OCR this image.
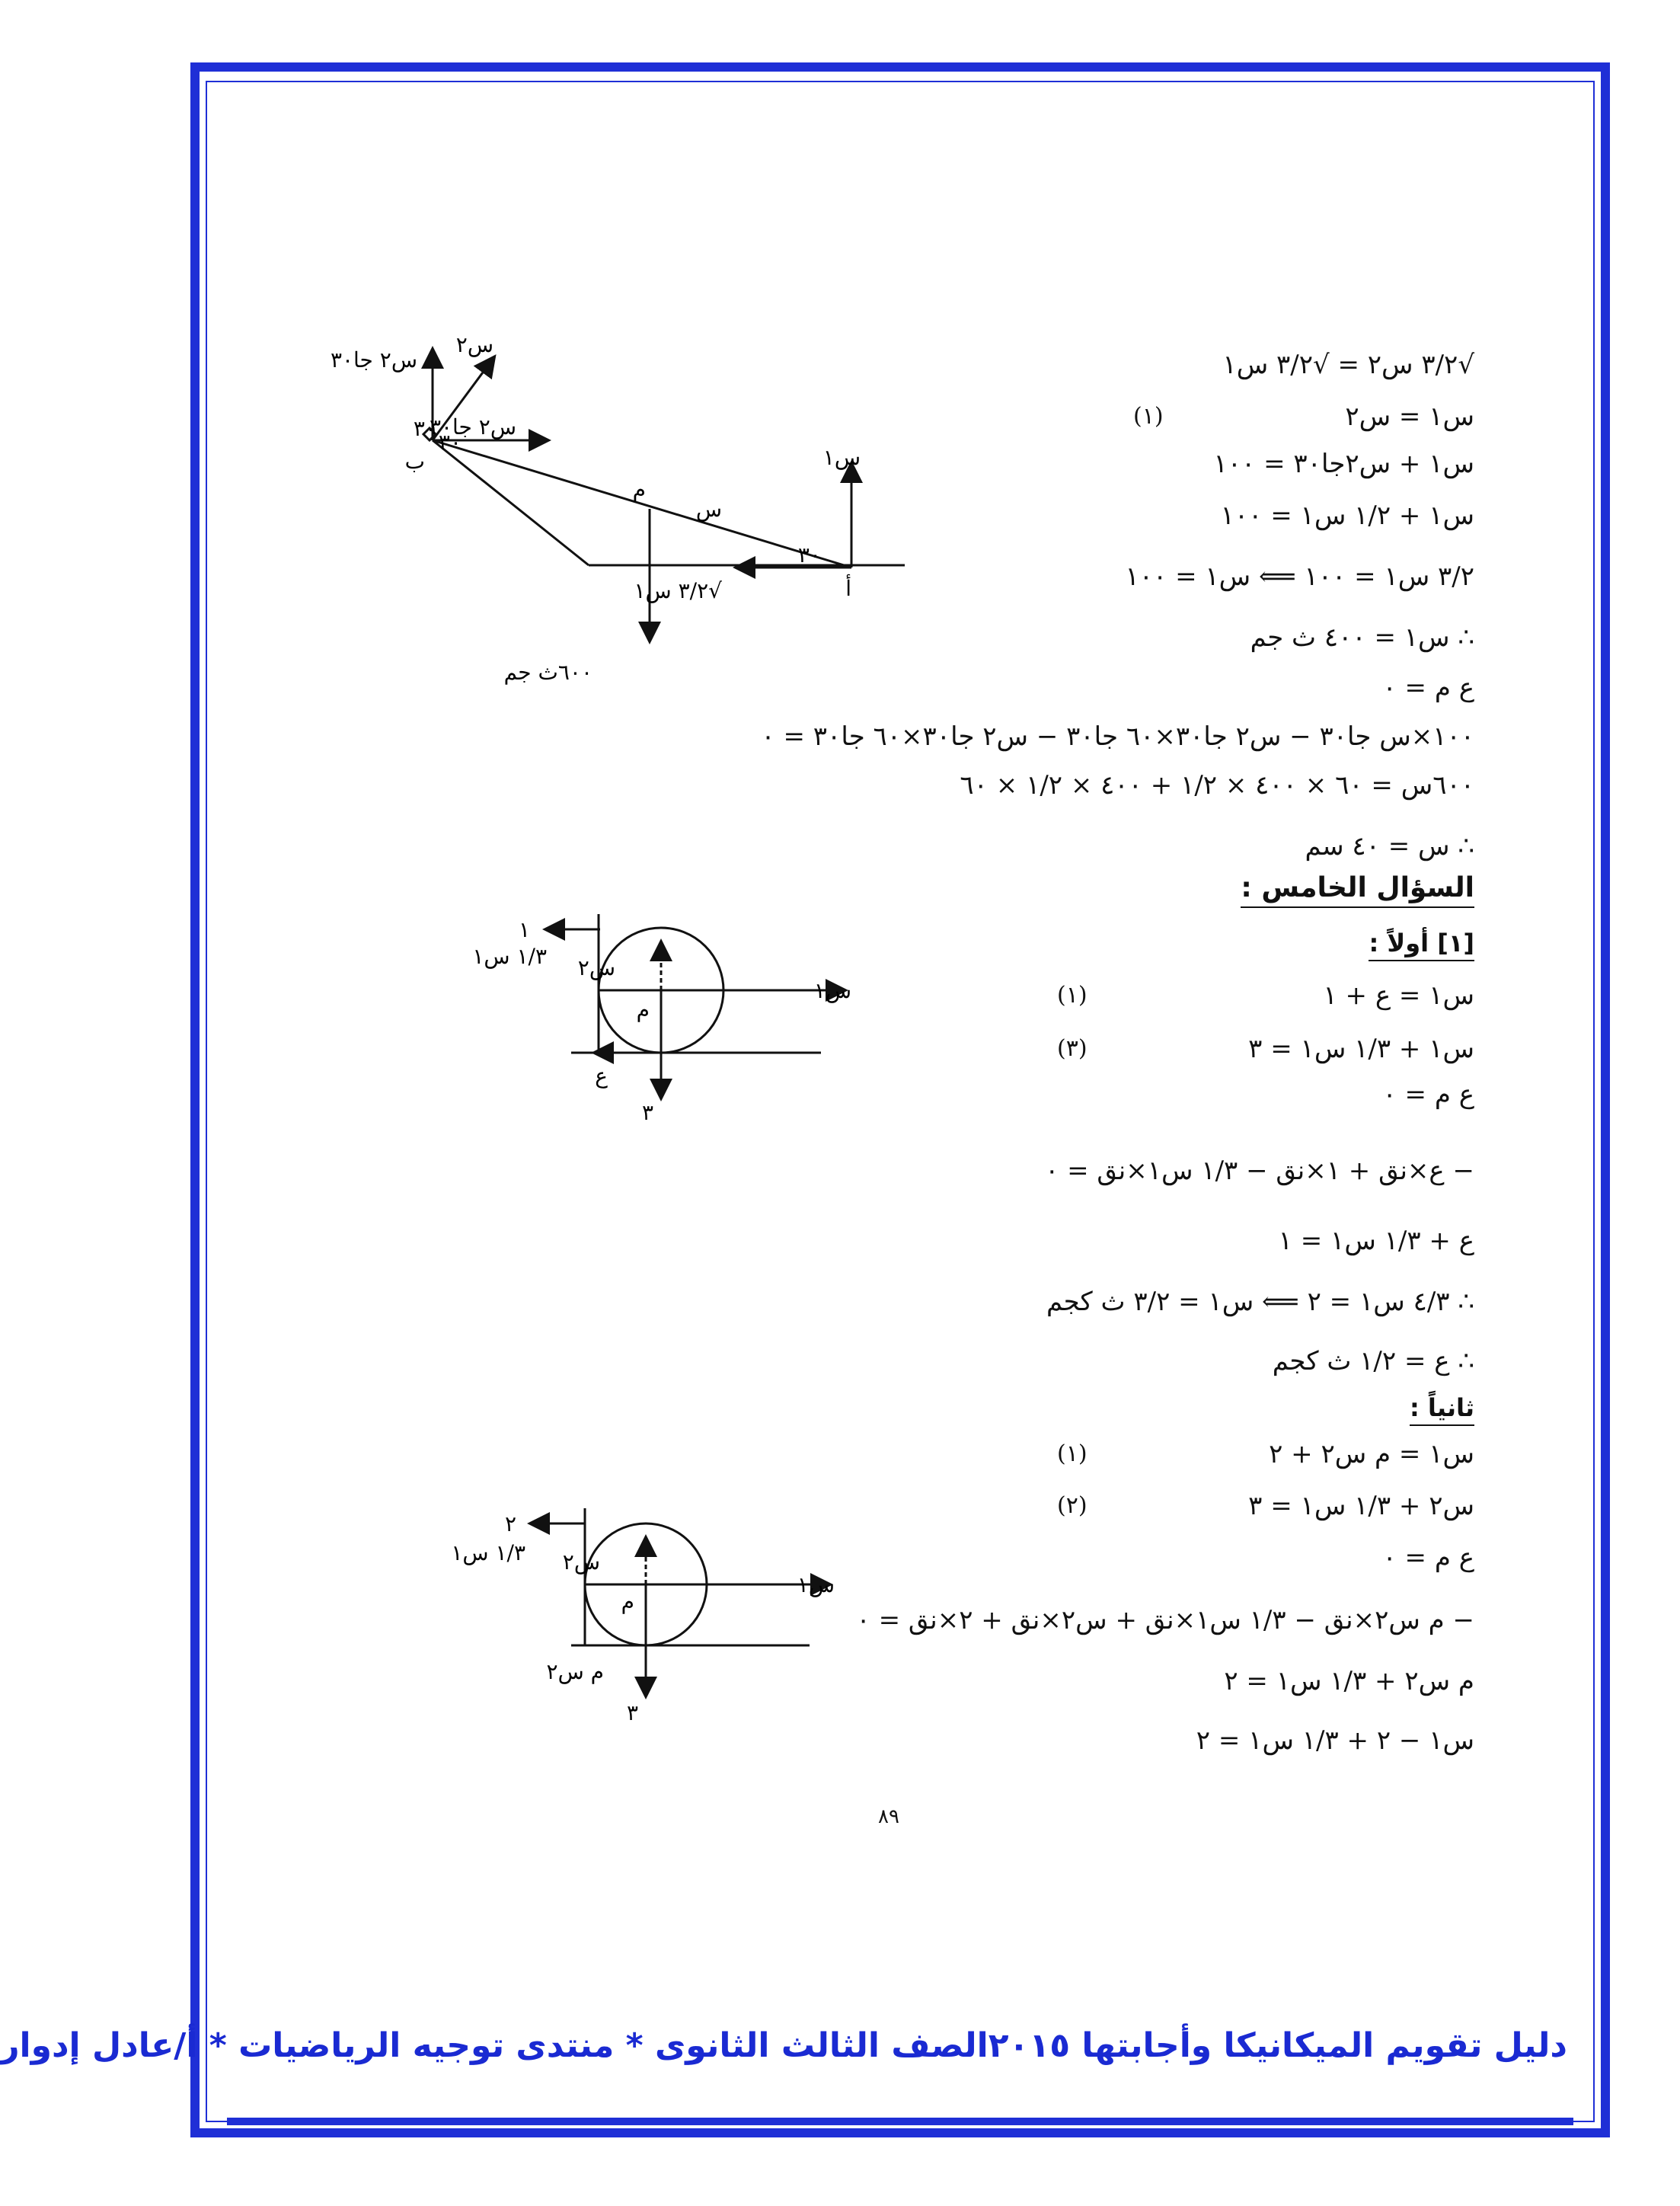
√٣/٢ س٢ = √٣/٢ س١
س١ = س٢
(١)
س١ + س٢جا٣٠ = ١٠٠
س١ + ١/٢ س١ = ١٠٠
٣/٢ س١ = ١٠٠ ⟸ س١ = ١٠٠
∴ س١ = ٤٠٠ ث جم
ع م = ٠
١٠٠×س جا٣٠ − س٢ جا٣٠×٦٠ جا٣٠ − س٢ جا٣٠×٦٠ جا٣٠ = ٠
٦٠٠س = ٦٠ × ٤٠٠ × ١/٢ + ٤٠٠ × ١/٢ × ٦٠
∴ س = ٤٠ سم
س٢ جا٣٠
س٢
س٢ جا٣٠
٣٠
٣٠
ب
م
س
س١
٣٠
أ
√٣/٢ س١
٦٠٠ث جم
السؤال الخامس :
[١] أولاً :
س١ = ع + ١
(١)
س١ + ١/٣ س١ = ٣
(٣)
ع م = ٠
− ع×نق + ١×نق − ١/٣ س١×نق = ٠
ع + ١/٣ س١ = ١
∴ ٤/٣ س١ = ٢ ⟸ س١ = ٣/٢ ث كجم
∴ ع = ١/٢ ث كجم
١
١/٣ س١ س٢
م
س١
ع
٣
ثانياً :
س١ = م س٢ + ٢
(١)
س٢ + ١/٣ س١ = ٣
(٢)
ع م = ٠
− م س٢×نق − ١/٣ س١×نق + س٢×نق + ٢×نق = ٠
م س٢ + ١/٣ س١ = ٢
س١ − ٢ + ١/٣ س١ = ٢
٢
١/٣ س١ س٢
م
س١
م س٢
٣
٨٩
دليل تقويم الميكانيكا وأجابتها ٢٠١٥الصف الثالث الثانوى * منتدى توجيه الرياضيات * أ/عادل إدوار
